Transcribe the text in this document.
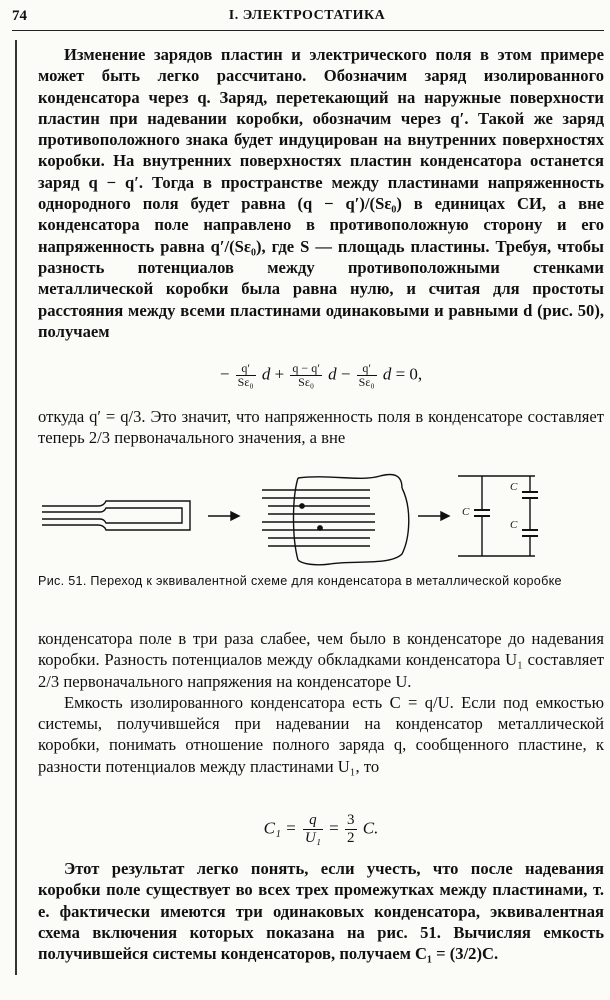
74	I. ЭЛЕКТРОСТАТИКА

Изменение зарядов пластин и электрического поля в этом примере может быть легко рассчитано. Обозначим заряд изолированного конденсатора через q. Заряд, перетекающий на наружные поверхности пластин при надевании коробки, обозначим через q′. Такой же заряд противоположного знака будет индуцирован на внутренних поверхностях коробки. На внутренних поверхностях пластин конденсатора останется заряд q − q′. Тогда в пространстве между пластинами напряженность однородного поля будет равна (q − q′)/(Sε₀) в единицах СИ, а вне конденсатора поле направлено в противоположную сторону и его напряженность равна q′/(Sε₀), где S — площадь пластины. Требуя, чтобы разность потенциалов между противоположными стенками металлической коробки была равна нулю, и считая для простоты расстояния между всеми пластинами одинаковыми и равными d (рис. 50), получаем

− $\frac{q'}{\text{Sε₀}}$ $d + \frac{q - q'}{\text{Sε₀}}$ $d - \frac{q'}{\text{Sε₀}}$ d = 0,

откуда q′ = q/3. Это значит, что напряженность поля в конденсаторе составляет теперь 2/3 первоначального значения, а вне

C
C
C
Рис. 51. Переход к эквивалентной схеме для конденсатора в металлической коробке

конденсатора поле в три раза слабее, чем было в конденсаторе до надевания коробки. Разность потенциалов между обкладками конденсатора U₁ составляет 2/3 первоначального напряжения на конденсаторе U.

Емкость изолированного конденсатора есть C = q/U. Если под емкостью системы, получившейся при надевании на конденсатор металлической коробки, понимать отношение полного заряда q, сообщенного пластине, к разности потенциалов между пластинами U₁, то

$C_1 = \frac{q}{\text{U₁}} = \frac{3}{2} C$.

Этот результат легко понять, если учесть, что после надевания коробки поле существует во всех трех промежутках между пластинами, т. е. фактически имеются три одинаковых конденсатора, эквивалентная схема включения которых показана на рис. 51. Вычисляя емкость получившейся системы конденсаторов, получаем C₁ = (3/2)C.
